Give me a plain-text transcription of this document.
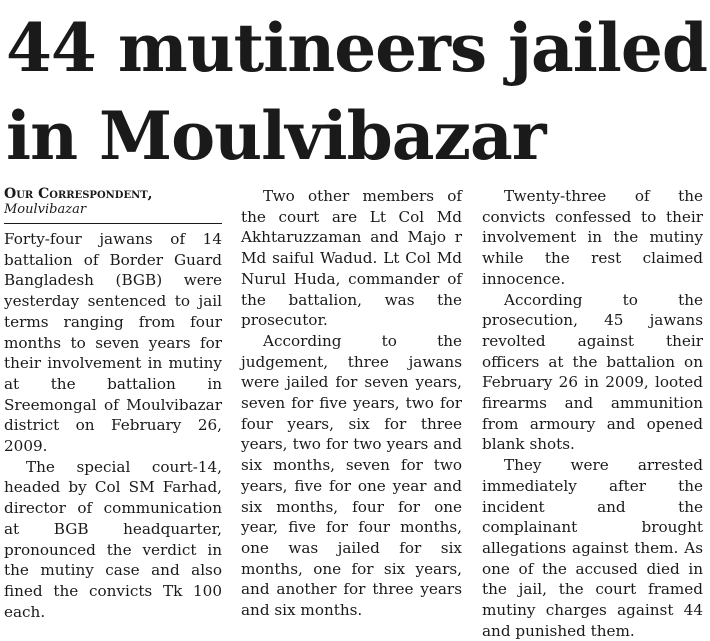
44 mutineers jailed
in Moulvibazar

Our Correspondent,

Moulvibazar

Forty-four jawans of 14 battalion of Border Guard Bangladesh (BGB) were yesterday sentenced to jail terms ranging from four months to seven years for their involvement in mutiny at the battalion in Sreemongal of Moulvibazar district on February 26, 2009.

The special court-14, headed by Col SM Farhad, director of communication at BGB headquarter, pronounced the verdict in the mutiny case and also fined the convicts Tk 100 each.

Two other members of the court are Lt Col Md Akhtaruzzaman and Majo r Md saiful Wadud. Lt Col Md Nurul Huda, commander of the battalion, was the prosecutor.

According to the judgement, three jawans were jailed for seven years, seven for five years, two for four years, six for three years, two for two years and six months, seven for two years, five for one year and six months, four for one year, five for four months, one was jailed for six months, one for six years, and another for three years and six months.

Twenty-three of the convicts confessed to their involvement in the mutiny while the rest claimed innocence.

According to the prosecution, 45 jawans revolted against their officers at the battalion on February 26 in 2009, looted firearms and ammunition from armoury and opened blank shots.

They were arrested immediately after the incident and the complainant brought allegations against them. As one of the accused died in the jail, the court framed mutiny charges against 44 and punished them.
